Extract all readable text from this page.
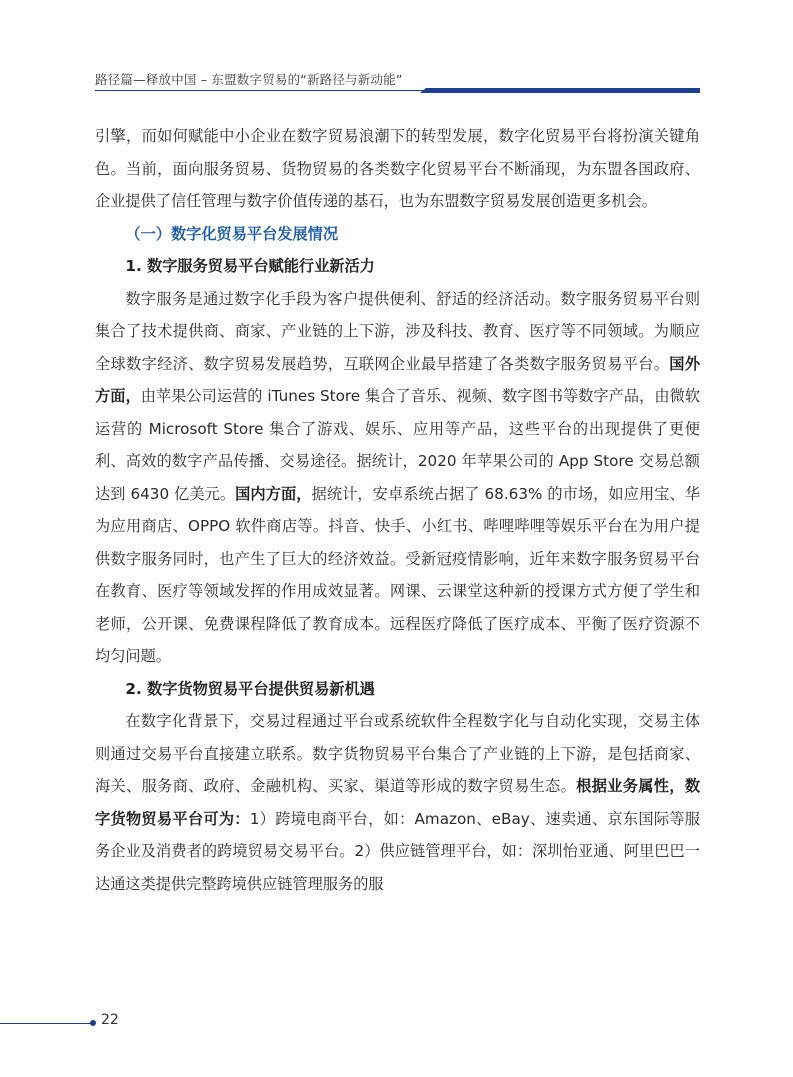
路径篇—释放中国 – 东盟数字贸易的“新路径与新动能”

引擎，而如何赋能中小企业在数字贸易浪潮下的转型发展，数字化贸易平台将扮演关键角色。当前，面向服务贸易、货物贸易的各类数字化贸易平台不断涌现，为东盟各国政府、企业提供了信任管理与数字价值传递的基石，也为东盟数字贸易发展创造更多机会。

（一）数字化贸易平台发展情况

1. 数字服务贸易平台赋能行业新活力

数字服务是通过数字化手段为客户提供便利、舒适的经济活动。数字服务贸易平台则集合了技术提供商、商家、产业链的上下游，涉及科技、教育、医疗等不同领域。为顺应全球数字经济、数字贸易发展趋势，互联网企业最早搭建了各类数字服务贸易平台。国外方面，由苹果公司运营的 iTunes Store 集合了音乐、视频、数字图书等数字产品，由微软运营的 Microsoft Store 集合了游戏、娱乐、应用等产品，这些平台的出现提供了更便利、高效的数字产品传播、交易途径。据统计，2020 年苹果公司的 App Store 交易总额达到 6430 亿美元。国内方面，据统计，安卓系统占据了 68.63% 的市场，如应用宝、华为应用商店、OPPO 软件商店等。抖音、快手、小红书、哔哩哔哩等娱乐平台在为用户提供数字服务同时，也产生了巨大的经济效益。受新冠疫情影响，近年来数字服务贸易平台在教育、医疗等领域发挥的作用成效显著。网课、云课堂这种新的授课方式方便了学生和老师，公开课、免费课程降低了教育成本。远程医疗降低了医疗成本、平衡了医疗资源不均匀问题。

2. 数字货物贸易平台提供贸易新机遇

在数字化背景下，交易过程通过平台或系统软件全程数字化与自动化实现，交易主体则通过交易平台直接建立联系。数字货物贸易平台集合了产业链的上下游，是包括商家、海关、服务商、政府、金融机构、买家、渠道等形成的数字贸易生态。根据业务属性，数字货物贸易平台可为：1）跨境电商平台，如：Amazon、eBay、速卖通、京东国际等服务企业及消费者的跨境贸易交易平台。2）供应链管理平台，如：深圳怡亚通、阿里巴巴一达通这类提供完整跨境供应链管理服务的服

22
